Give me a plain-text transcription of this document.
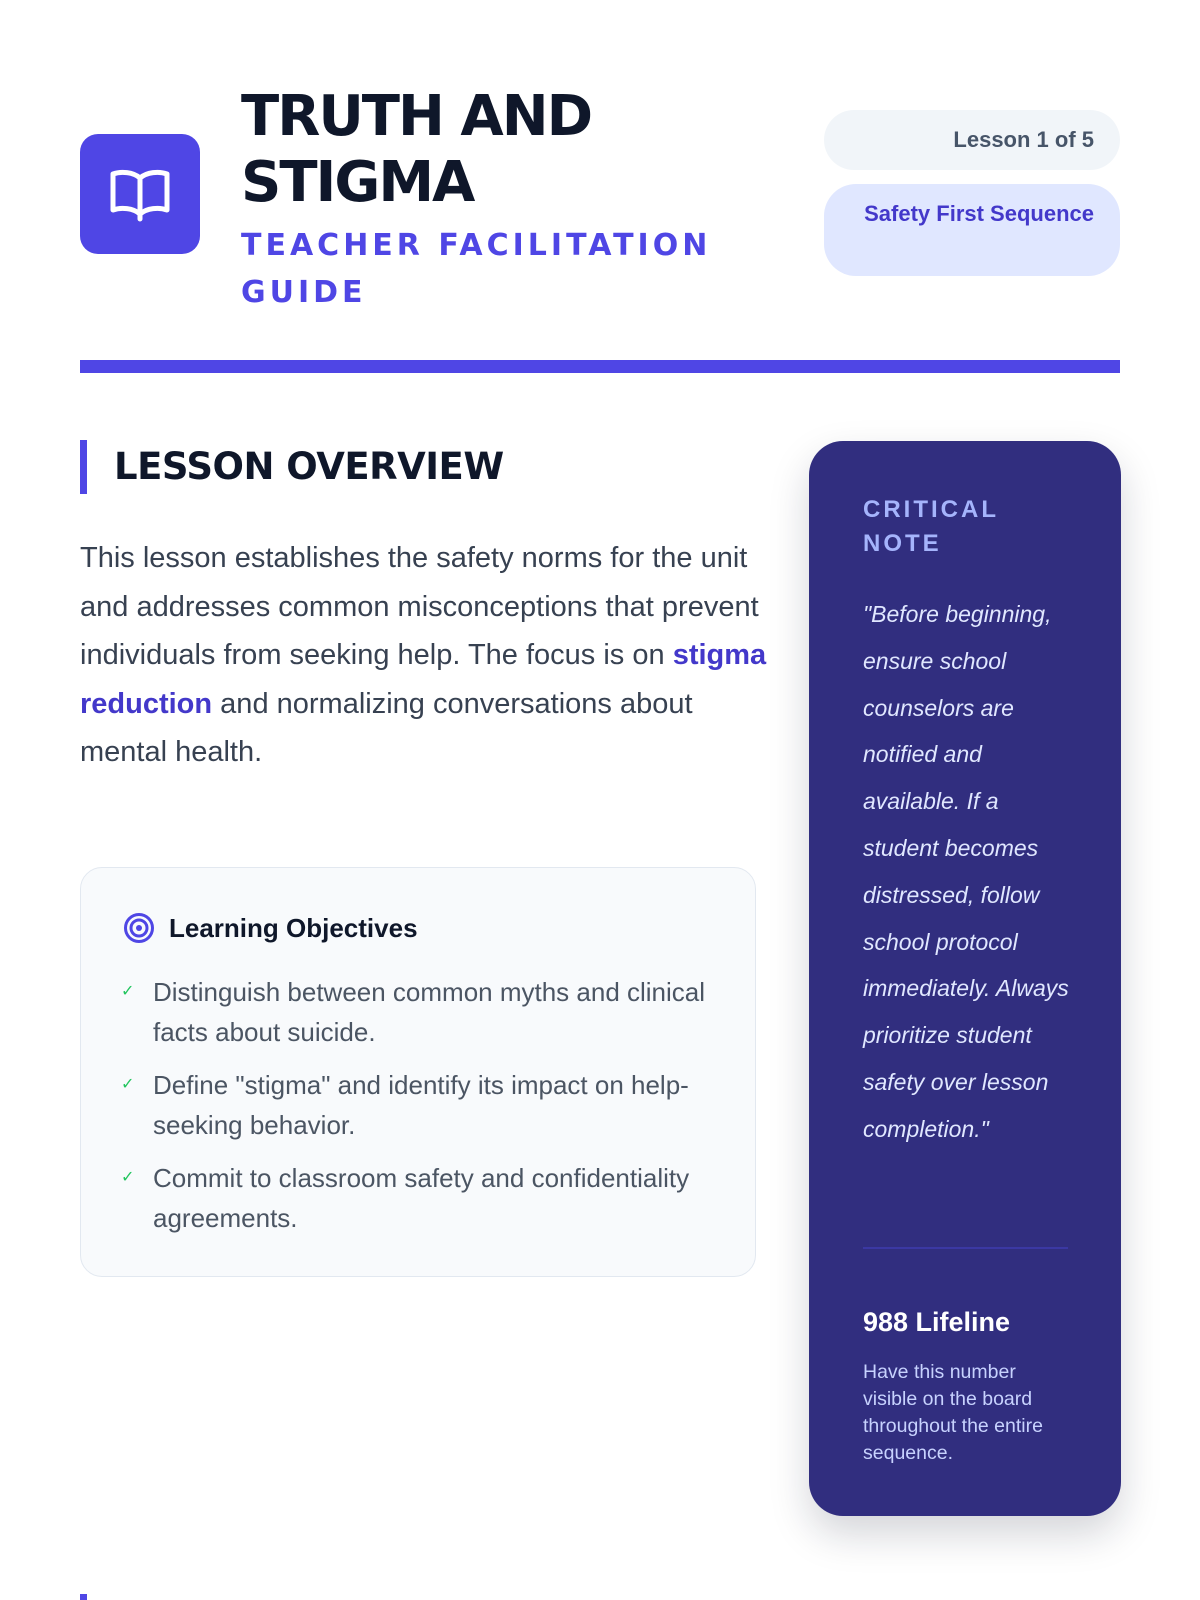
TRUTH AND STIGMA
TEACHER FACILITATION GUIDE
Lesson 1 of 5
Safety First Sequence
LESSON OVERVIEW

This lesson establishes the safety norms for the unit and addresses common misconceptions that prevent individuals from seeking help. The focus is on stigma reduction and normalizing conversations about mental health.

Learning Objectives
✓ Distinguish between common myths and clinical facts about suicide.
✓ Define "stigma" and identify its impact on help-seeking behavior.
✓ Commit to classroom safety and confidentiality agreements.
CRITICAL NOTE

"Before beginning, ensure school counselors are notified and available. If a student becomes distressed, follow school protocol immediately. Always prioritize student safety over lesson completion."

988 Lifeline

Have this number visible on the board throughout the entire sequence.
